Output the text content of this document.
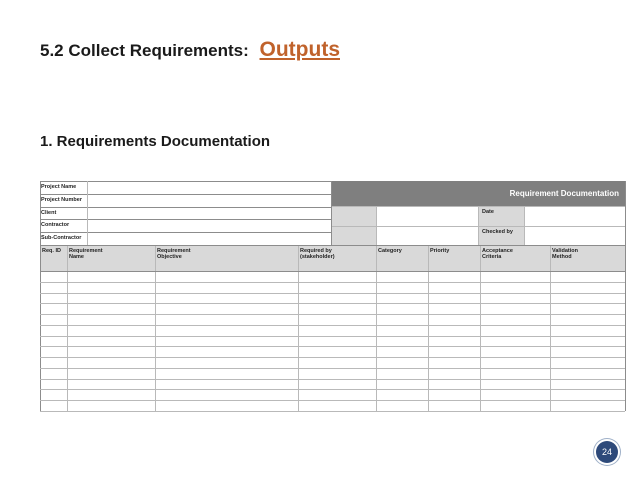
5.2 Collect Requirements: Outputs
1. Requirements Documentation
Requirement Documentation
Project Name
Project Number
Client
Contractor
Sub-Contractor
Date
Checked by
Req. ID Requirement
Name
Requirement
Objective
Required by
(stakeholder)
Category	Priority	Acceptance
Criteria
Validation
Method
24
